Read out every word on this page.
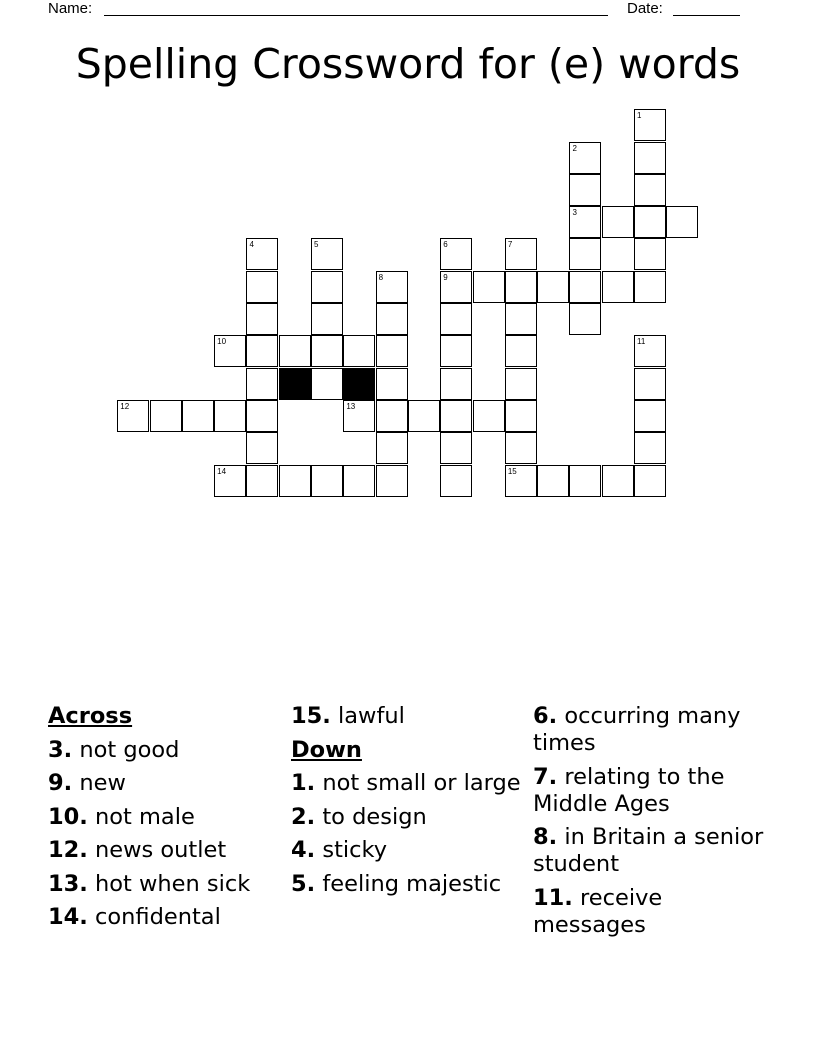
Name:	Date:
Spelling Crossword for (e) words
1
2
3
4	5	6
9
7
15
8
10	11
12	13
14
Across
3. not good
9. new
10. not male
12. news outlet
13. hot when sick
14. confidental
15. lawful
Down
1. not small or large
2. to design
4. sticky
5. feeling majestic
6. occurring many times
7. relating to the Middle Ages
8. in Britain a senior student
11. receive messages
